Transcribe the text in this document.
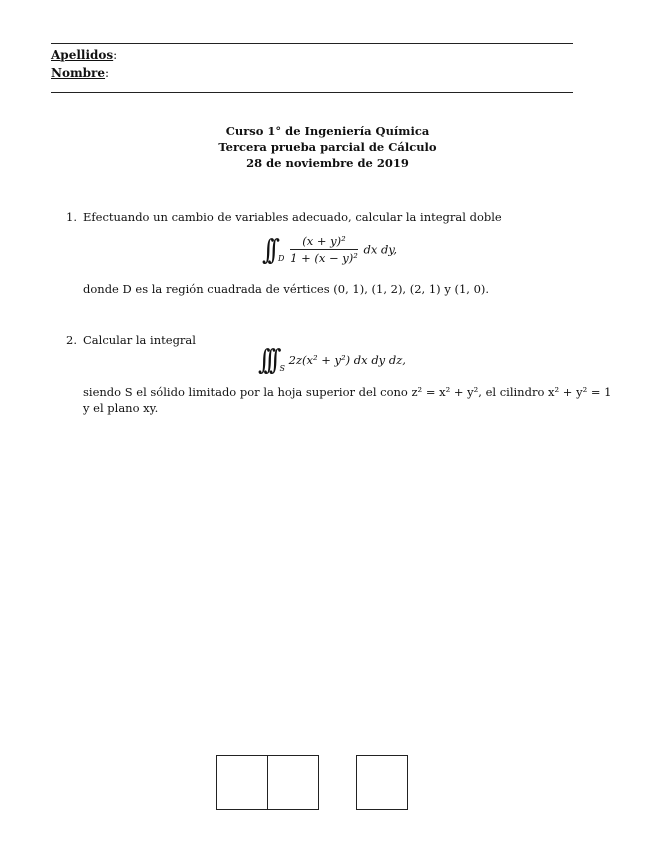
Apellidos:
Nombre:
Curso 1° de Ingeniería Química
Tercera prueba parcial de Cálculo
28 de noviembre de 2019
1. Efectuando un cambio de variables adecuado, calcular la integral doble
∫∫ $_D \frac{\text{(x + y)²}}{\text{1 + (x − y)²}}$ dx dy,
donde D es la región cuadrada de vértices (0, 1), (1, 2), (2, 1) y (1, 0).
2. Calcular la integral
∫∫∫ $_S$ 2z(x² + y²) dx dy dz,
siendo S el sólido limitado por la hoja superior del cono z² = x² + y², el cilindro x² + y² = 1
y el plano xy.
